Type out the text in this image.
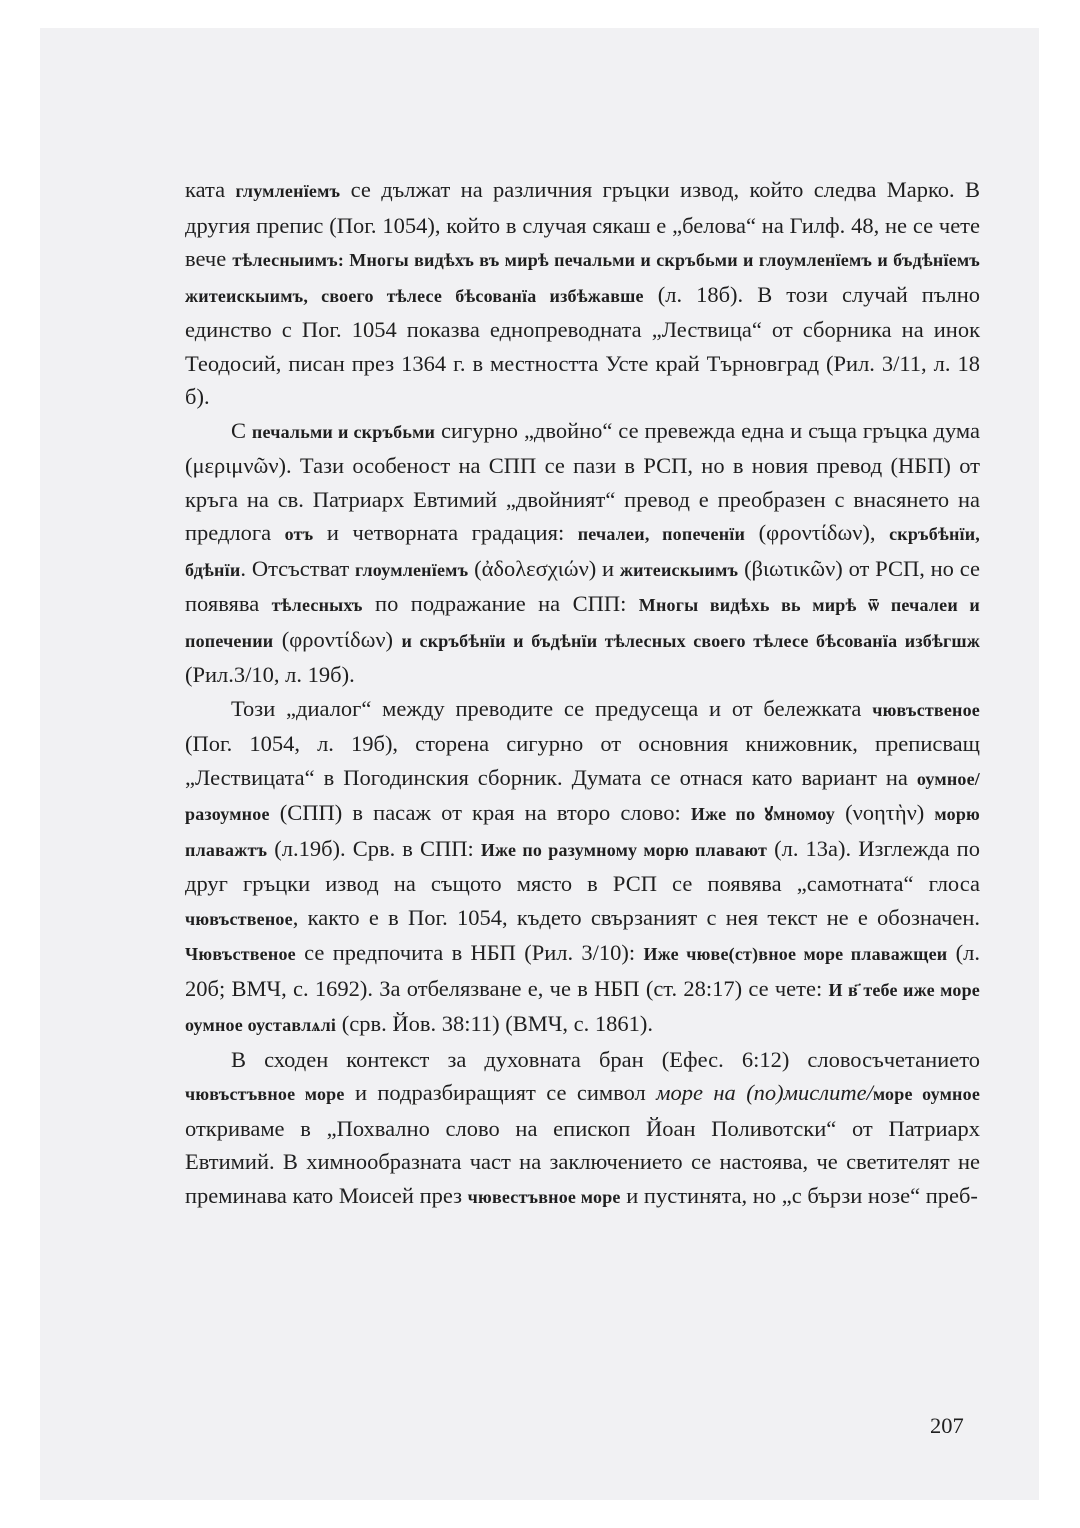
ката глумленїемъ се дължат на различния гръцки извод, който следва Марко. В другия препис (Пог. 1054), който в случая сякаш е „белова“ на Гилф. 48, не се чете вече тѣлесныимъ: Многы видѣхъ въ мирѣ печальми и скръбьми и глоумленїемъ и бъдѣнїемъ житеискыимъ, своего тѣлесе бѣсованїа избѣжавше (л. 18б). В този случай пълно единство с Пог. 1054 показва еднопреводната „Лествица“ от сборника на инок Теодосий, писан през 1364 г. в местността Усте край Търновград (Рил. 3/11, л. 18 б).

С печальми и скръбьми сигурно „двойно“ се превежда една и съща гръцка дума (μεριμνῶν). Тази особеност на СПП се пази в РСП, но в новия превод (НБП) от кръга на св. Патриарх Евтимий „двойният“ превод е преобразен с внасянето на предлога отъ и четворната градация: печалеи, попеченїи (φροντίδων), скръбѣнїи, бдѣнїи. Отсъстват глоумленїемъ (ἀδολεσχιών) и житеискыимъ (βιωτικῶν) от РСП, но се появява тѣлесныхъ по подражание на СПП: Многы видѣхь вь мирѣ ѿ печалеи и попечении (φροντίδων) и скръбѣнїи и бъдѣнїи тѣлесных своего тѣлесе бѣсованїа избѣгшж (Рил.3/10, л. 19б).

Този „диалог“ между преводите се предусеща и от бележката чювъственое (Пог. 1054, л. 19б), сторена сигурно от основния книжовник, преписващ „Лествицата“ в Погодинския сборник. Думата се отнася като вариант на оумное/ разоумное (СПП) в пасаж от края на второ слово: Иже по ꙋмномоу (νοητὴν) морю плаважтъ (л.19б). Срв. в СПП: Иже по разумному морю плавают (л. 13а). Изглежда по друг гръцки извод на същото място в РСП се появява „самотната“ глоса чювъственое, както е в Пог. 1054, където свързаният с нея текст не е обозначен. Чювъственое се предпочита в НБП (Рил. 3/10): Иже чюве(ст)вное море плаважщеи (л. 20б; ВМЧ, с. 1692). За отбелязване е, че в НБП (ст. 28:17) се чете: И в҃ тебе иже море оумное оуставлѧлі (срв. Йов. 38:11) (ВМЧ, с. 1861).

В сходен контекст за духовната бран (Ефес. 6:12) словосъчетанието чювъстъвное море и подразбиращият се символ море на (по)мислите/море оумное откриваме в „Похвално слово на епископ Йоан Поливотски“ от Патриарх Евтимий. В химнообразната част на заключението се настоява, че светителят не преминава като Моисей през чювестъвное море и пустинята, но „с бързи нозе“ преб-

207
